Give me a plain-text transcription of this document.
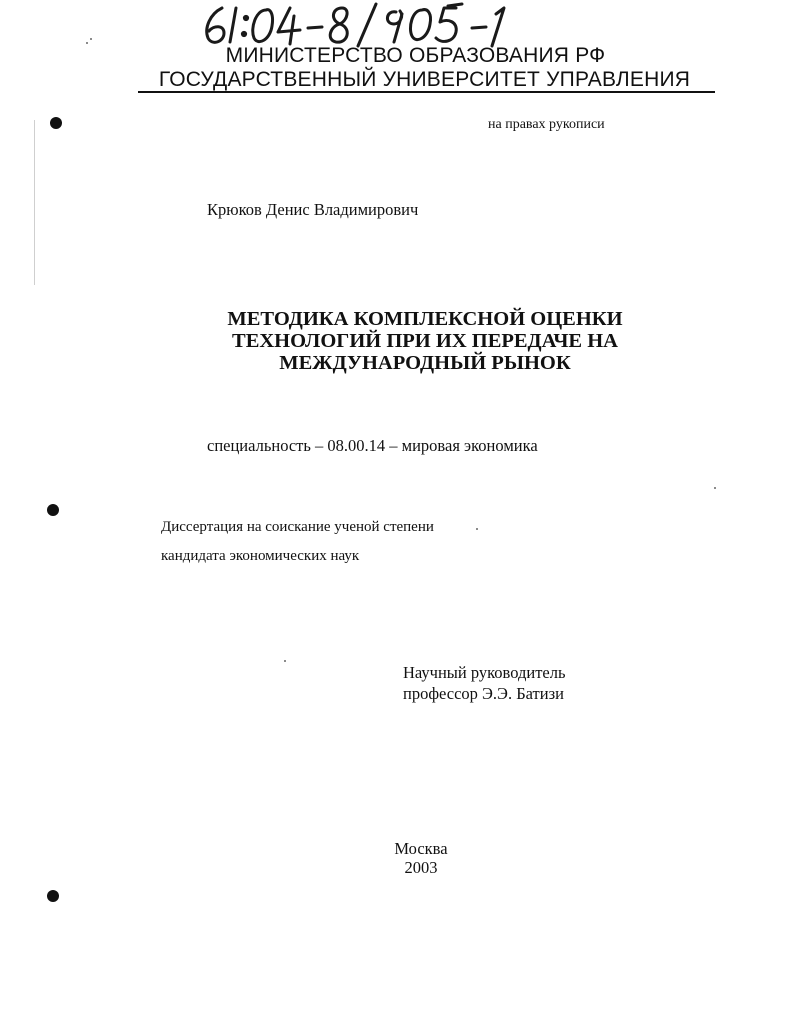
МИНИСТЕРСТВО ОБРАЗОВАНИЯ РФ
ГОСУДАРСТВЕННЫЙ УНИВЕРСИТЕТ УПРАВЛЕНИЯ
на правах рукописи
Крюков Денис Владимирович
МЕТОДИКА КОМПЛЕКСНОЙ ОЦЕНКИ
ТЕХНОЛОГИЙ ПРИ ИХ ПЕРЕДАЧЕ НА
МЕЖДУНАРОДНЫЙ РЫНОК
специальность – 08.00.14 – мировая экономика
Диссертация на соискание ученой степени
кандидата экономических наук
Научный руководитель
профессор Э.Э. Батизи
Москва
2003
